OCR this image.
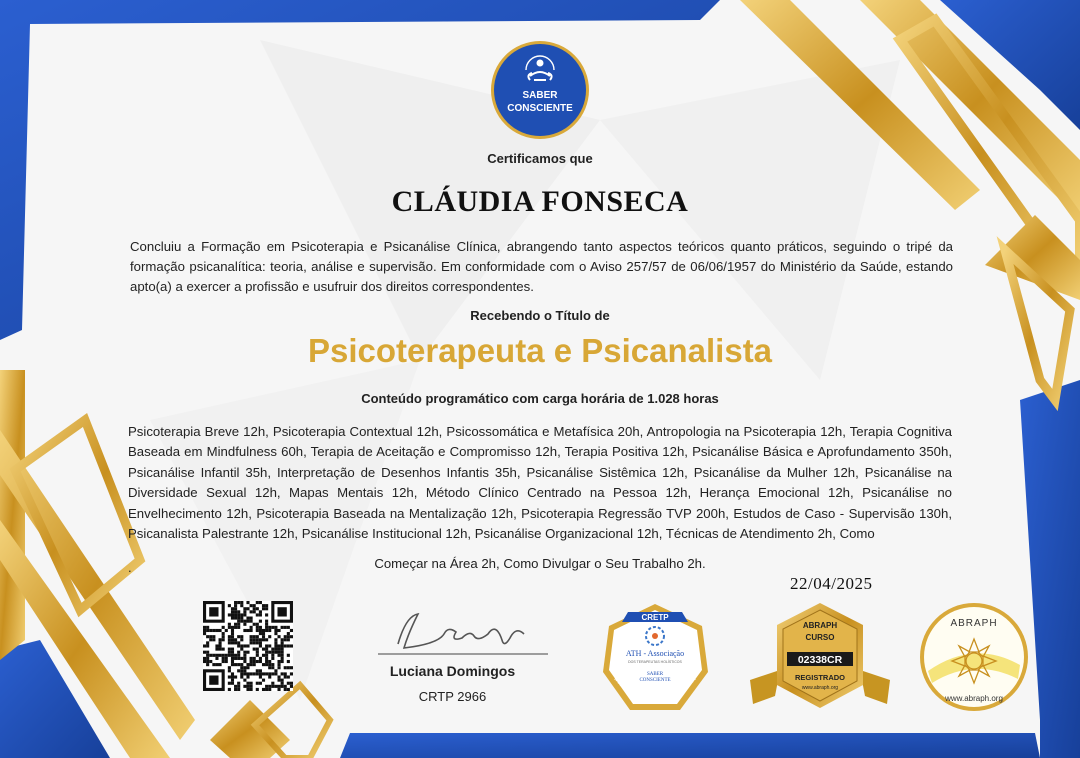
SABER
CONSCIENTE
Certificamos que
CLÁUDIA FONSECA
Concluiu a Formação em Psicoterapia e Psicanálise Clínica, abrangendo tanto aspectos teóricos quanto práticos, seguindo o tripé da formação psicanalítica: teoria, análise e supervisão. Em conformidade com o Aviso 257/57 de 06/06/1957 do Ministério da Saúde, estando apto(a) a exercer a profissão e usufruir dos direitos correspondentes.
Recebendo o Título de
Psicoterapeuta e Psicanalista
Conteúdo programático com carga horária de 1.028 horas
Psicoterapia Breve 12h, Psicoterapia Contextual 12h, Psicossomática e Metafísica 20h, Antropologia na Psicoterapia 12h, Terapia Cognitiva Baseada em Mindfulness 60h, Terapia de Aceitação e Compromisso 12h, Terapia Positiva 12h, Psicanálise Básica e Aprofundamento 350h, Psicanálise Infantil 35h, Interpretação de Desenhos Infantis 35h, Psicanálise Sistêmica 12h, Psicanálise da Mulher 12h, Psicanálise na Diversidade Sexual 12h, Mapas Mentais 12h, Método Clínico Centrado na Pessoa 12h, Herança Emocional 12h, Psicanálise no Envelhecimento 12h, Psicoterapia Baseada na Mentalização 12h, Psicoterapia Regressão TVP 200h, Estudos de Caso - Supervisão 130h, Psicanalista Palestrante 12h, Psicanálise Institucional 12h, Psicanálise Organizacional 12h, Técnicas de Atendimento 2h, Como
.	Começar na Área 2h, Como Divulgar o Seu Trabalho 2h.
22/04/2025
Luciana Domingos
CRTP 2966
CRETP
ATH - Associação
DOS TERAPEUTAS HOLÍSTICOS
SABER
CONSCIENTE
INSTITUIÇÃO CREDENCIADA
ABRAPH
CURSO
02338CR
REGISTRADO
www.abraph.org
ABRAPH
www.abraph.org
